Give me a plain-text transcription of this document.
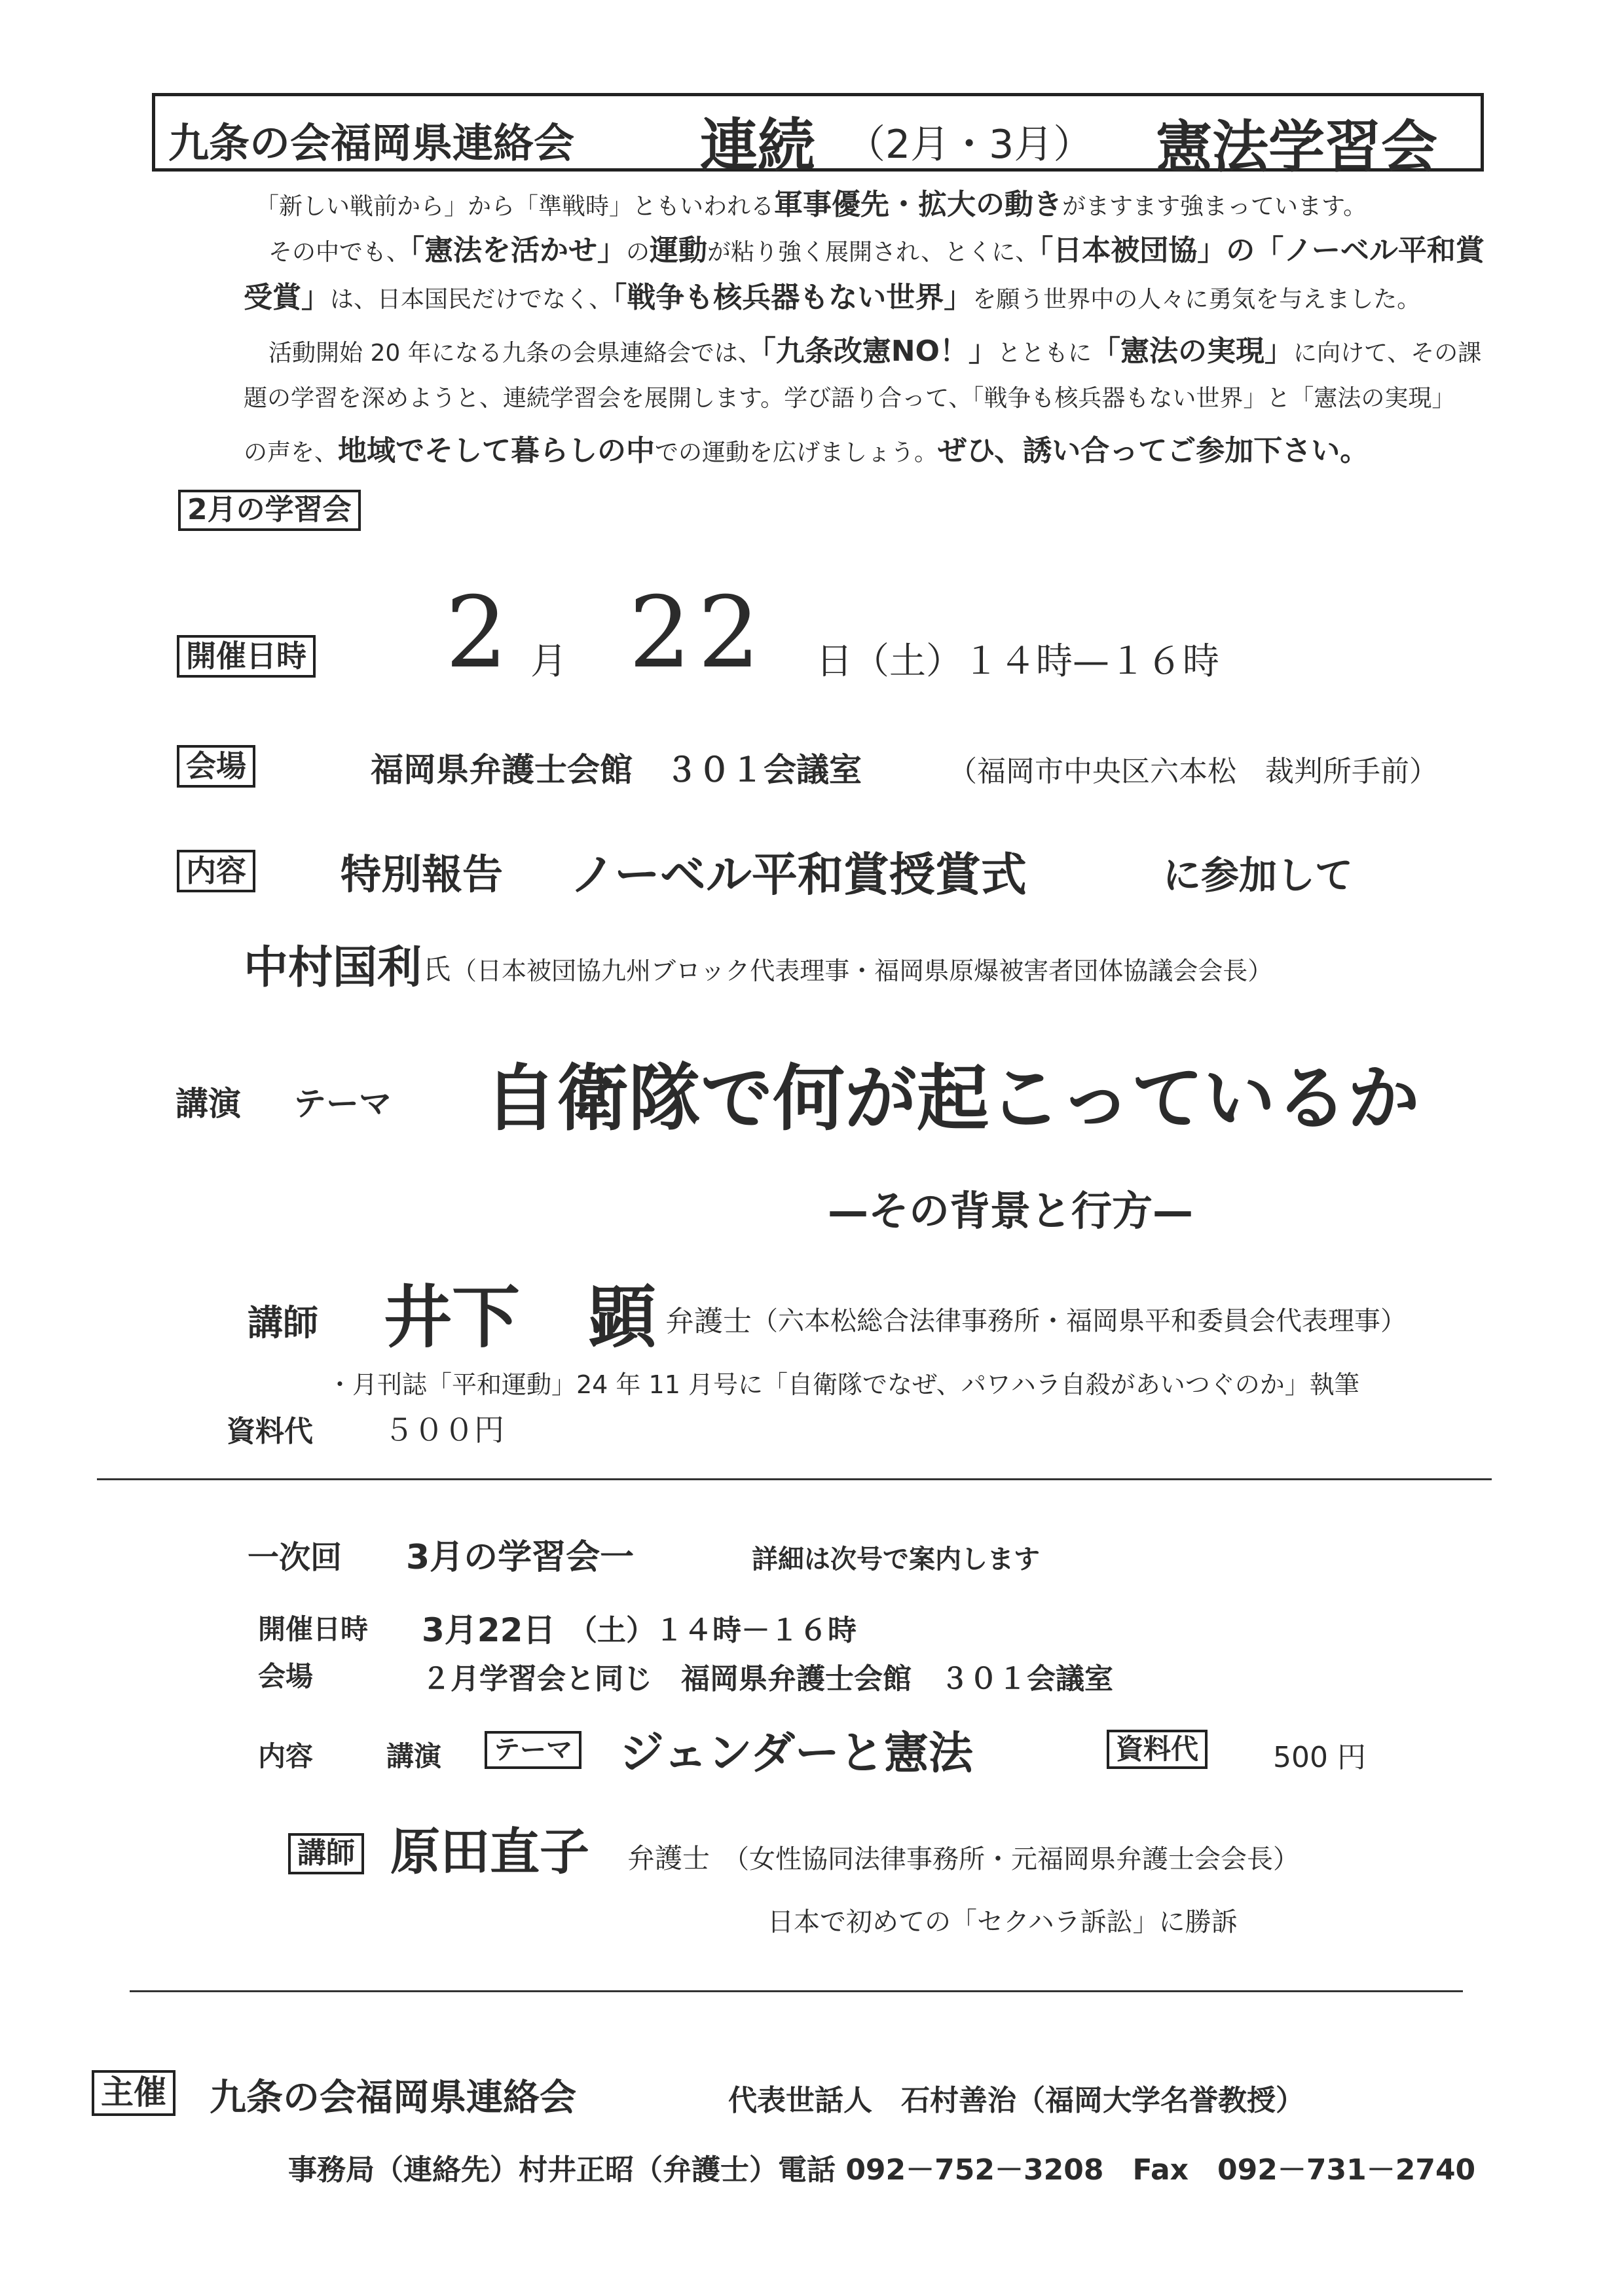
九条の会福岡県連絡会 連続 （2月・3月） 憲法学習会
「新しい戦前から」から「準戦時」ともいわれる軍事優先・拡大の動きがますます強まっています。
その中でも、「憲法を活かせ」の運動が粘り強く展開され、とくに、「日本被団協」の「ノーベル平和賞
受賞」は、日本国民だけでなく、「戦争も核兵器もない世界」を願う世界中の人々に勇気を与えました。
活動開始 20 年になる九条の会県連絡会では、「九条改憲NO！」とともに「憲法の実現」に向けて、その課
題の学習を深めようと、連続学習会を展開します。学び語り合って、「戦争も核兵器もない世界」と「憲法の実現」
の声を、地域でそして暮らしの中での運動を広げましょう。ぜひ、誘い合ってご参加下さい。
2月の学習会
開催日時 2 月 22 日（土）１４時—１６時
会場	福岡県弁護士会館　３０１会議室	（福岡市中央区六本松　裁判所手前）
内容 特別報告 ノーベル平和賞授賞式	に参加して
中村国利 氏 （日本被団協九州ブロック代表理事・福岡県原爆被害者団体協議会会長）
講演 テーマ 自衛隊で何が起こっているか
—その背景と行方—
講師 井下　顕 弁護士 （六本松総合法律事務所・福岡県平和委員会代表理事）
・月刊誌「平和運動」24 年 11 月号に「自衛隊でなぜ、パワハラ自殺があいつぐのか」執筆
資料代 ５００円
一次回 3月の学習会一	詳細は次号で案内します
開催日時 3月22日 （土）１４時－１６時
会場	２月学習会と同じ　福岡県弁護士会館　３０１会議室
内容	講演	テーマ ジェンダーと憲法	資料代	500 円
講師 原田直子 弁護士 （女性協同法律事務所・元福岡県弁護士会会長）
日本で初めての「セクハラ訴訟」に勝訴
主催 九条の会福岡県連絡会	代表世話人　石村善治（福岡大学名誉教授）
事務局（連絡先）村井正昭（弁護士）電話 092－752－3208　Fax　092－731－2740
